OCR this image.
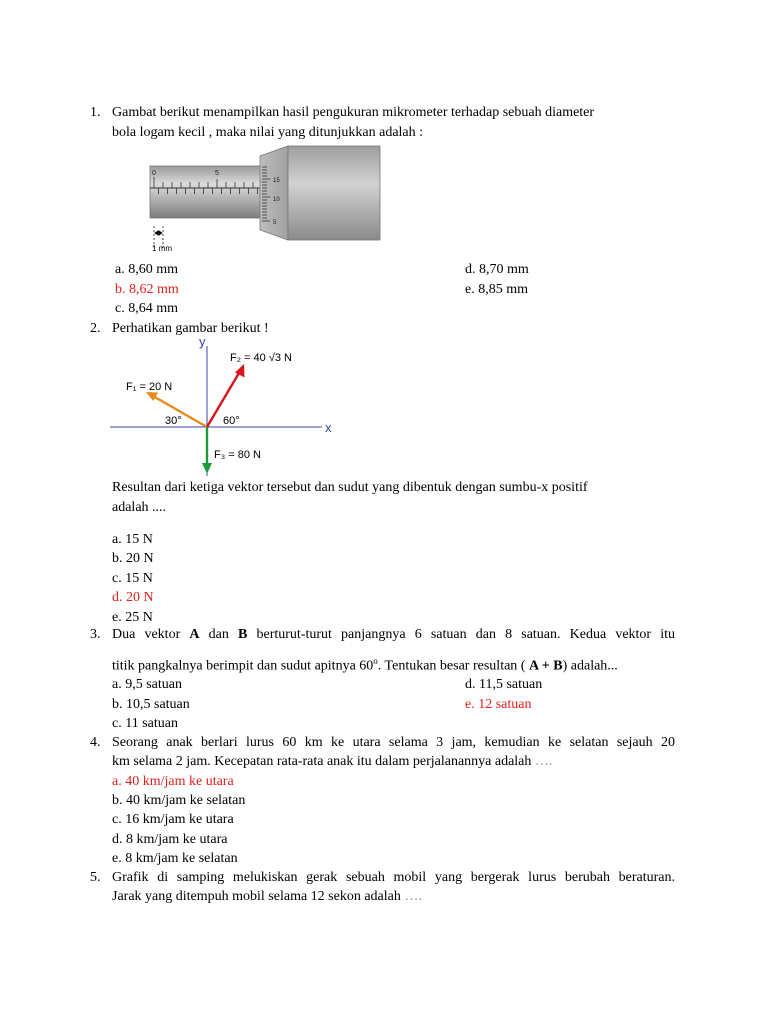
1. Gambat berikut menampilkan hasil pengukuran mikrometer terhadap sebuah diameter
bola logam kecil , maka nilai yang ditunjukkan adalah :
0	5
15
10
5
1 mm
a. 8,60 mm
b. 8,62 mm
c. 8,64 mm
d. 8,70 mm
e. 8,85 mm
2. Perhatikan gambar berikut !
y
x
F₁ = 20 N
F₂ = 40 √3 N
F₃ = 80 N
30°	60°
Resultan dari ketiga vektor tersebut dan sudut yang dibentuk dengan sumbu-x positif
adalah ....
a. 15 N
b. 20 N
c. 15 N
d. 20 N
e. 25 N
3. Dua vektor A dan B berturut-turut panjangnya 6 satuan dan 8 satuan. Kedua vektor itu
titik pangkalnya berimpit dan sudut apitnya 60$^o$. Tentukan besar resultan ( A + B) adalah...
a. 9,5 satuan
b. 10,5 satuan
c. 11 satuan
d. 11,5 satuan
e. 12 satuan
4. Seorang anak berlari lurus 60 km ke utara selama 3 jam, kemudian ke selatan sejauh 20
km selama 2 jam. Kecepatan rata-rata anak itu dalam perjalanannya adalah ….
a. 40 km/jam ke utara
b. 40 km/jam ke selatan
c. 16 km/jam ke utara
d. 8 km/jam ke utara
e. 8 km/jam ke selatan
5. Grafik di samping melukiskan gerak sebuah mobil yang bergerak lurus berubah beraturan.
Jarak yang ditempuh mobil selama 12 sekon adalah ….
